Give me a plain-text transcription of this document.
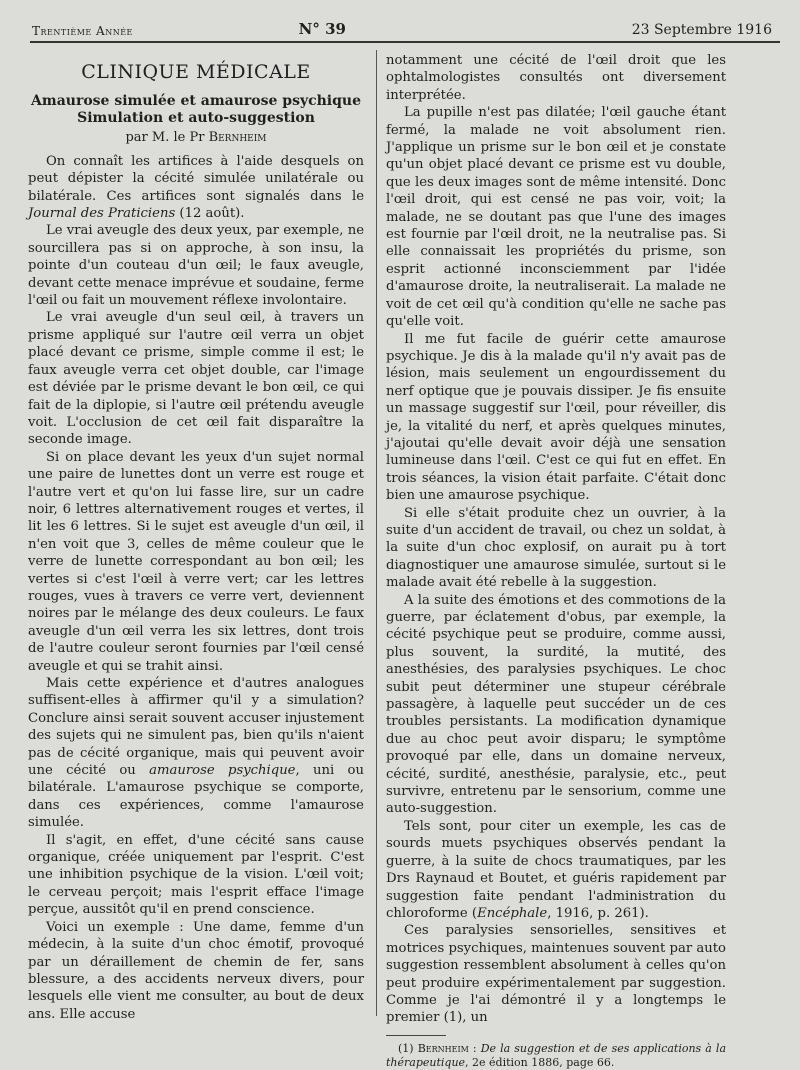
Trentième Année	N° 39	23 Septembre 1916
CLINIQUE MÉDICALE
Amaurose simulée et amaurose psychique
Simulation et auto-suggestion
par M. le Pr Bernheim

On connaît les artifices à l'aide desquels on peut dépister la cécité simulée unilatérale ou bilatérale. Ces artifices sont signalés dans le Journal des Praticiens (12 août).

Le vrai aveugle des deux yeux, par exemple, ne sourcillera pas si on approche, à son insu, la pointe d'un couteau d'un œil; le faux aveugle, devant cette menace imprévue et soudaine, ferme l'œil ou fait un mouvement réflexe involontaire.

Le vrai aveugle d'un seul œil, à travers un prisme appliqué sur l'autre œil verra un objet placé devant ce prisme, simple comme il est; le faux aveugle verra cet objet double, car l'image est déviée par le prisme devant le bon œil, ce qui fait de la diplopie, si l'autre œil prétendu aveugle voit. L'occlusion de cet œil fait disparaître la seconde image.

Si on place devant les yeux d'un sujet normal une paire de lunettes dont un verre est rouge et l'autre vert et qu'on lui fasse lire, sur un cadre noir, 6 lettres alternativement rouges et vertes, il lit les 6 lettres. Si le sujet est aveugle d'un œil, il n'en voit que 3, celles de même couleur que le verre de lunette correspondant au bon œil; les vertes si c'est l'œil à verre vert; car les lettres rouges, vues à travers ce verre vert, deviennent noires par le mélange des deux couleurs. Le faux aveugle d'un œil verra les six lettres, dont trois de l'autre couleur seront fournies par l'œil censé aveugle et qui se trahit ainsi.

Mais cette expérience et d'autres analogues suffisent-elles à affirmer qu'il y a simulation? Conclure ainsi serait souvent accuser injustement des sujets qui ne simulent pas, bien qu'ils n'aient pas de cécité organique, mais qui peuvent avoir une cécité ou amaurose psychique, uni ou bilatérale. L'amaurose psychique se comporte, dans ces expériences, comme l'amaurose simulée.

Il s'agit, en effet, d'une cécité sans cause organique, créée uniquement par l'esprit. C'est une inhibition psychique de la vision. L'œil voit; le cerveau perçoit; mais l'esprit efface l'image perçue, aussitôt qu'il en prend conscience.

Voici un exemple : Une dame, femme d'un médecin, à la suite d'un choc émotif, provoqué par un déraillement de chemin de fer, sans blessure, a des accidents nerveux divers, pour lesquels elle vient me consulter, au bout de deux ans. Elle accuse

notamment une cécité de l'œil droit que les ophtalmologistes consultés ont diversement interprétée.

La pupille n'est pas dilatée; l'œil gauche étant fermé, la malade ne voit absolument rien. J'applique un prisme sur le bon œil et je constate qu'un objet placé devant ce prisme est vu double, que les deux images sont de même intensité. Donc l'œil droit, qui est censé ne pas voir, voit; la malade, ne se doutant pas que l'une des images est fournie par l'œil droit, ne la neutralise pas. Si elle connaissait les propriétés du prisme, son esprit actionné inconsciemment par l'idée d'amaurose droite, la neutraliserait. La malade ne voit de cet œil qu'à condition qu'elle ne sache pas qu'elle voit.

Il me fut facile de guérir cette amaurose psychique. Je dis à la malade qu'il n'y avait pas de lésion, mais seulement un engourdissement du nerf optique que je pouvais dissiper. Je fis ensuite un massage suggestif sur l'œil, pour réveiller, dis je, la vitalité du nerf, et après quelques minutes, j'ajoutai qu'elle devait avoir déjà une sensation lumineuse dans l'œil. C'est ce qui fut en effet. En trois séances, la vision était parfaite. C'était donc bien une amaurose psychique.

Si elle s'était produite chez un ouvrier, à la suite d'un accident de travail, ou chez un soldat, à la suite d'un choc explosif, on aurait pu à tort diagnostiquer une amaurose simulée, surtout si le malade avait été rebelle à la suggestion.

A la suite des émotions et des commotions de la guerre, par éclatement d'obus, par exemple, la cécité psychique peut se produire, comme aussi, plus souvent, la surdité, la mutité, des anesthésies, des paralysies psychiques. Le choc subit peut déterminer une stupeur cérébrale passagère, à laquelle peut succéder un de ces troubles persistants. La modification dynamique due au choc peut avoir disparu; le symptôme provoqué par elle, dans un domaine nerveux, cécité, surdité, anesthésie, paralysie, etc., peut survivre, entretenu par le sensorium, comme une auto-suggestion.

Tels sont, pour citer un exemple, les cas de sourds muets psychiques observés pendant la guerre, à la suite de chocs traumatiques, par les Drs Raynaud et Boutet, et guéris rapidement par suggestion faite pendant l'administration du chloroforme (Encéphale, 1916, p. 261).

Ces paralysies sensorielles, sensitives et motrices psychiques, maintenues souvent par auto suggestion ressemblent absolument à celles qu'on peut produire expérimentalement par suggestion. Comme je l'ai démontré il y a longtemps le premier (1), un

(1) Bernheim : De la suggestion et de ses applications à la thérapeutique, 2e édition 1886, page 66.
